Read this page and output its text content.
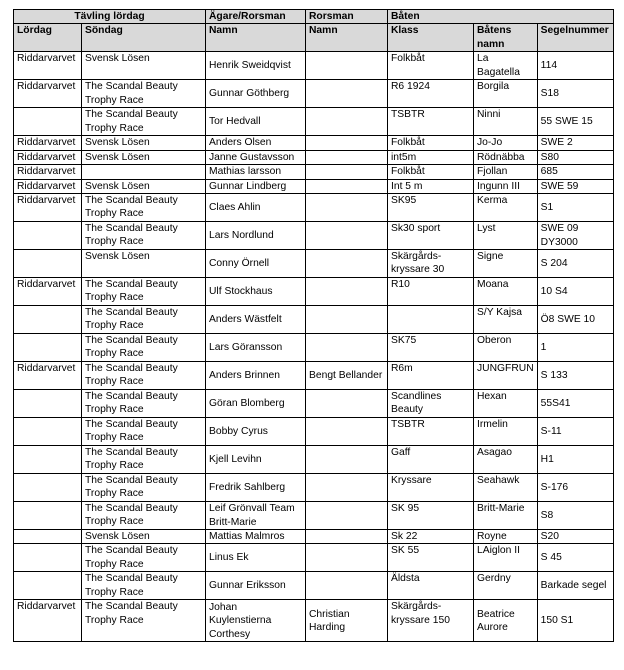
Tävling lördag		Ägare/Rorsman	Rorsman	Båten		
Lördag	Söndag	Namn	Namn	Klass	Båtens namn	Segelnummer
Riddarvarvet	Svensk Lösen	Henrik Sweidqvist		Folkbåt	La Bagatella	114
Riddarvarvet	The Scandal Beauty Trophy Race	Gunnar Göthberg		R6 1924	Borgila	S18
	The Scandal Beauty Trophy Race	Tor Hedvall		TSBTR	Ninni	55 SWE 15
Riddarvarvet	Svensk Lösen	Anders Olsen		Folkbåt	Jo-Jo	SWE 2
Riddarvarvet	Svensk Lösen	Janne Gustavsson		int5m	Rödnäbba	S80
Riddarvarvet		Mathias larsson		Folkbåt	Fjollan	685
Riddarvarvet	Svensk Lösen	Gunnar Lindberg		Int 5 m	Ingunn III	SWE 59
Riddarvarvet	The Scandal Beauty Trophy Race	Claes Ahlin		SK95	Kerma	S1
	The Scandal Beauty Trophy Race	Lars Nordlund		Sk30 sport	Lyst	SWE 09 DY3000
	Svensk Lösen	Conny Örnell		Skärgårds-kryssare 30	Signe	S 204
Riddarvarvet	The Scandal Beauty Trophy Race	Ulf Stockhaus		R10	Moana	10 S4
	The Scandal Beauty Trophy Race	Anders Wästfelt			S/Y Kajsa	Ö8 SWE 10
	The Scandal Beauty Trophy Race	Lars Göransson		SK75	Oberon	1
Riddarvarvet	The Scandal Beauty Trophy Race	Anders Brinnen	Bengt Bellander	R6m	JUNGFRUN	S 133
	The Scandal Beauty Trophy Race	Göran Blomberg		Scandlines Beauty	Hexan	55S41
	The Scandal Beauty Trophy Race	Bobby Cyrus		TSBTR	Irmelin	S-11
	The Scandal Beauty Trophy Race	Kjell Levihn		Gaff	Asagao	H1
	The Scandal Beauty Trophy Race	Fredrik Sahlberg		Kryssare	Seahawk	S-176
	The Scandal Beauty Trophy Race	Leif Grönvall Team Britt-Marie		SK 95	Britt-Marie	S8
	Svensk Lösen	Mattias Malmros		Sk 22	Royne	S20
	The Scandal Beauty Trophy Race	Linus Ek		SK 55	LAiglon II	S 45
	The Scandal Beauty Trophy Race	Gunnar Eriksson		Äldsta	Gerdny	Barkade segel
Riddarvarvet	The Scandal Beauty Trophy Race	Johan Kuylenstierna Corthesy	Christian Harding	Skärgårds-kryssare 150	Beatrice Aurore	150 S1
